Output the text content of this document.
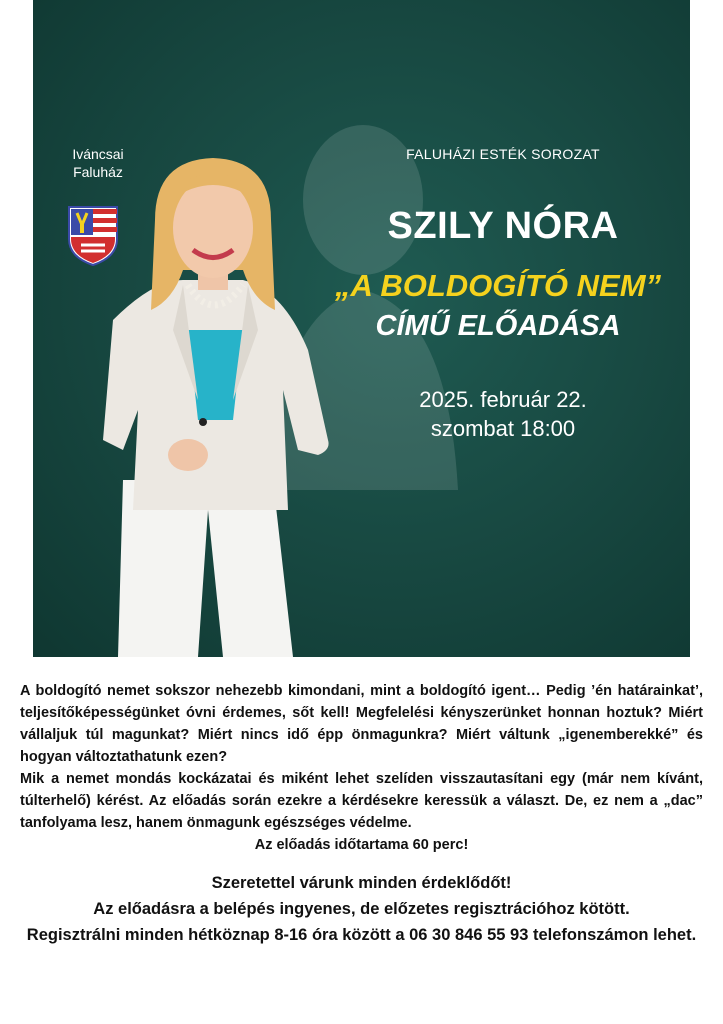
Iváncsai
Faluház
FALUHÁZI ESTÉK SOROZAT
SZILY NÓRA
„A BOLDOGÍTÓ NEM”
CÍMŰ ELŐADÁSA
2025. február 22.
szombat 18:00

A boldogító nemet sokszor nehezebb kimondani, mint a boldogító igent… Pedig ’én határainkat’, teljesítőképességünket óvni érdemes, sőt kell! Megfelelési kényszerünket honnan hoztuk? Miért vállaljuk túl magunkat? Miért nincs idő épp önmagunkra? Miért váltunk „igenemberekké” és hogyan változtathatunk ezen?

Mik a nemet mondás kockázatai és miként lehet szelíden visszautasítani egy (már nem kívánt, túlterhelő) kérést. Az előadás során ezekre a kérdésekre keressük a választ. De, ez nem a „dac” tanfolyama lesz, hanem önmagunk egészséges védelme.

Az előadás időtartama 60 perc!

Szeretettel várunk minden érdeklődőt!

Az előadásra a belépés ingyenes, de előzetes regisztrációhoz kötött.

Regisztrálni minden hétköznap 8-16 óra között a 06 30 846 55 93 telefonszámon lehet.
